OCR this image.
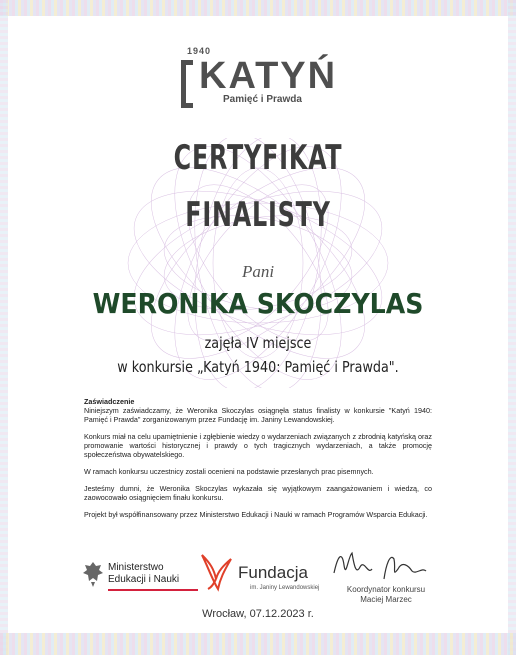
1940
KATYŃ
Pamięć i Prawda
CERTYFIKAT
FINALISTY
Pani
WERONIKA SKOCZYLAS
zajęła IV miejsce
w konkursie „Katyń 1940: Pamięć i Prawda".

Zaświadczenie

Niniejszym zaświadczamy, że Weronika Skoczylas osiągnęła status finalisty w konkursie "Katyń 1940: Pamięć i Prawda" zorganizowanym przez Fundację im. Janiny Lewandowskiej.

Konkurs miał na celu upamiętnienie i zgłębienie wiedzy o wydarzeniach związanych z zbrodnią katyńską oraz promowanie wartości historycznej i prawdy o tych tragicznych wydarzeniach, a także promocję społeczeństwa obywatelskiego.

W ramach konkursu uczestnicy zostali ocenieni na podstawie przesłanych prac pisemnych.

Jesteśmy dumni, że Weronika Skoczylas wykazała się wyjątkowym zaangażowaniem i wiedzą, co zaowocowało osiągnięciem finału konkursu.

Projekt był współfinansowany przez Ministerstwo Edukacji i Nauki w ramach Programów Wsparcia Edukacji.

Ministerstwo
Edukacji i Nauki	Fundacja
im. Janiny Lewandowskiej	Koordynator konkursu
Maciej Marzec
Wrocław, 07.12.2023 r.
